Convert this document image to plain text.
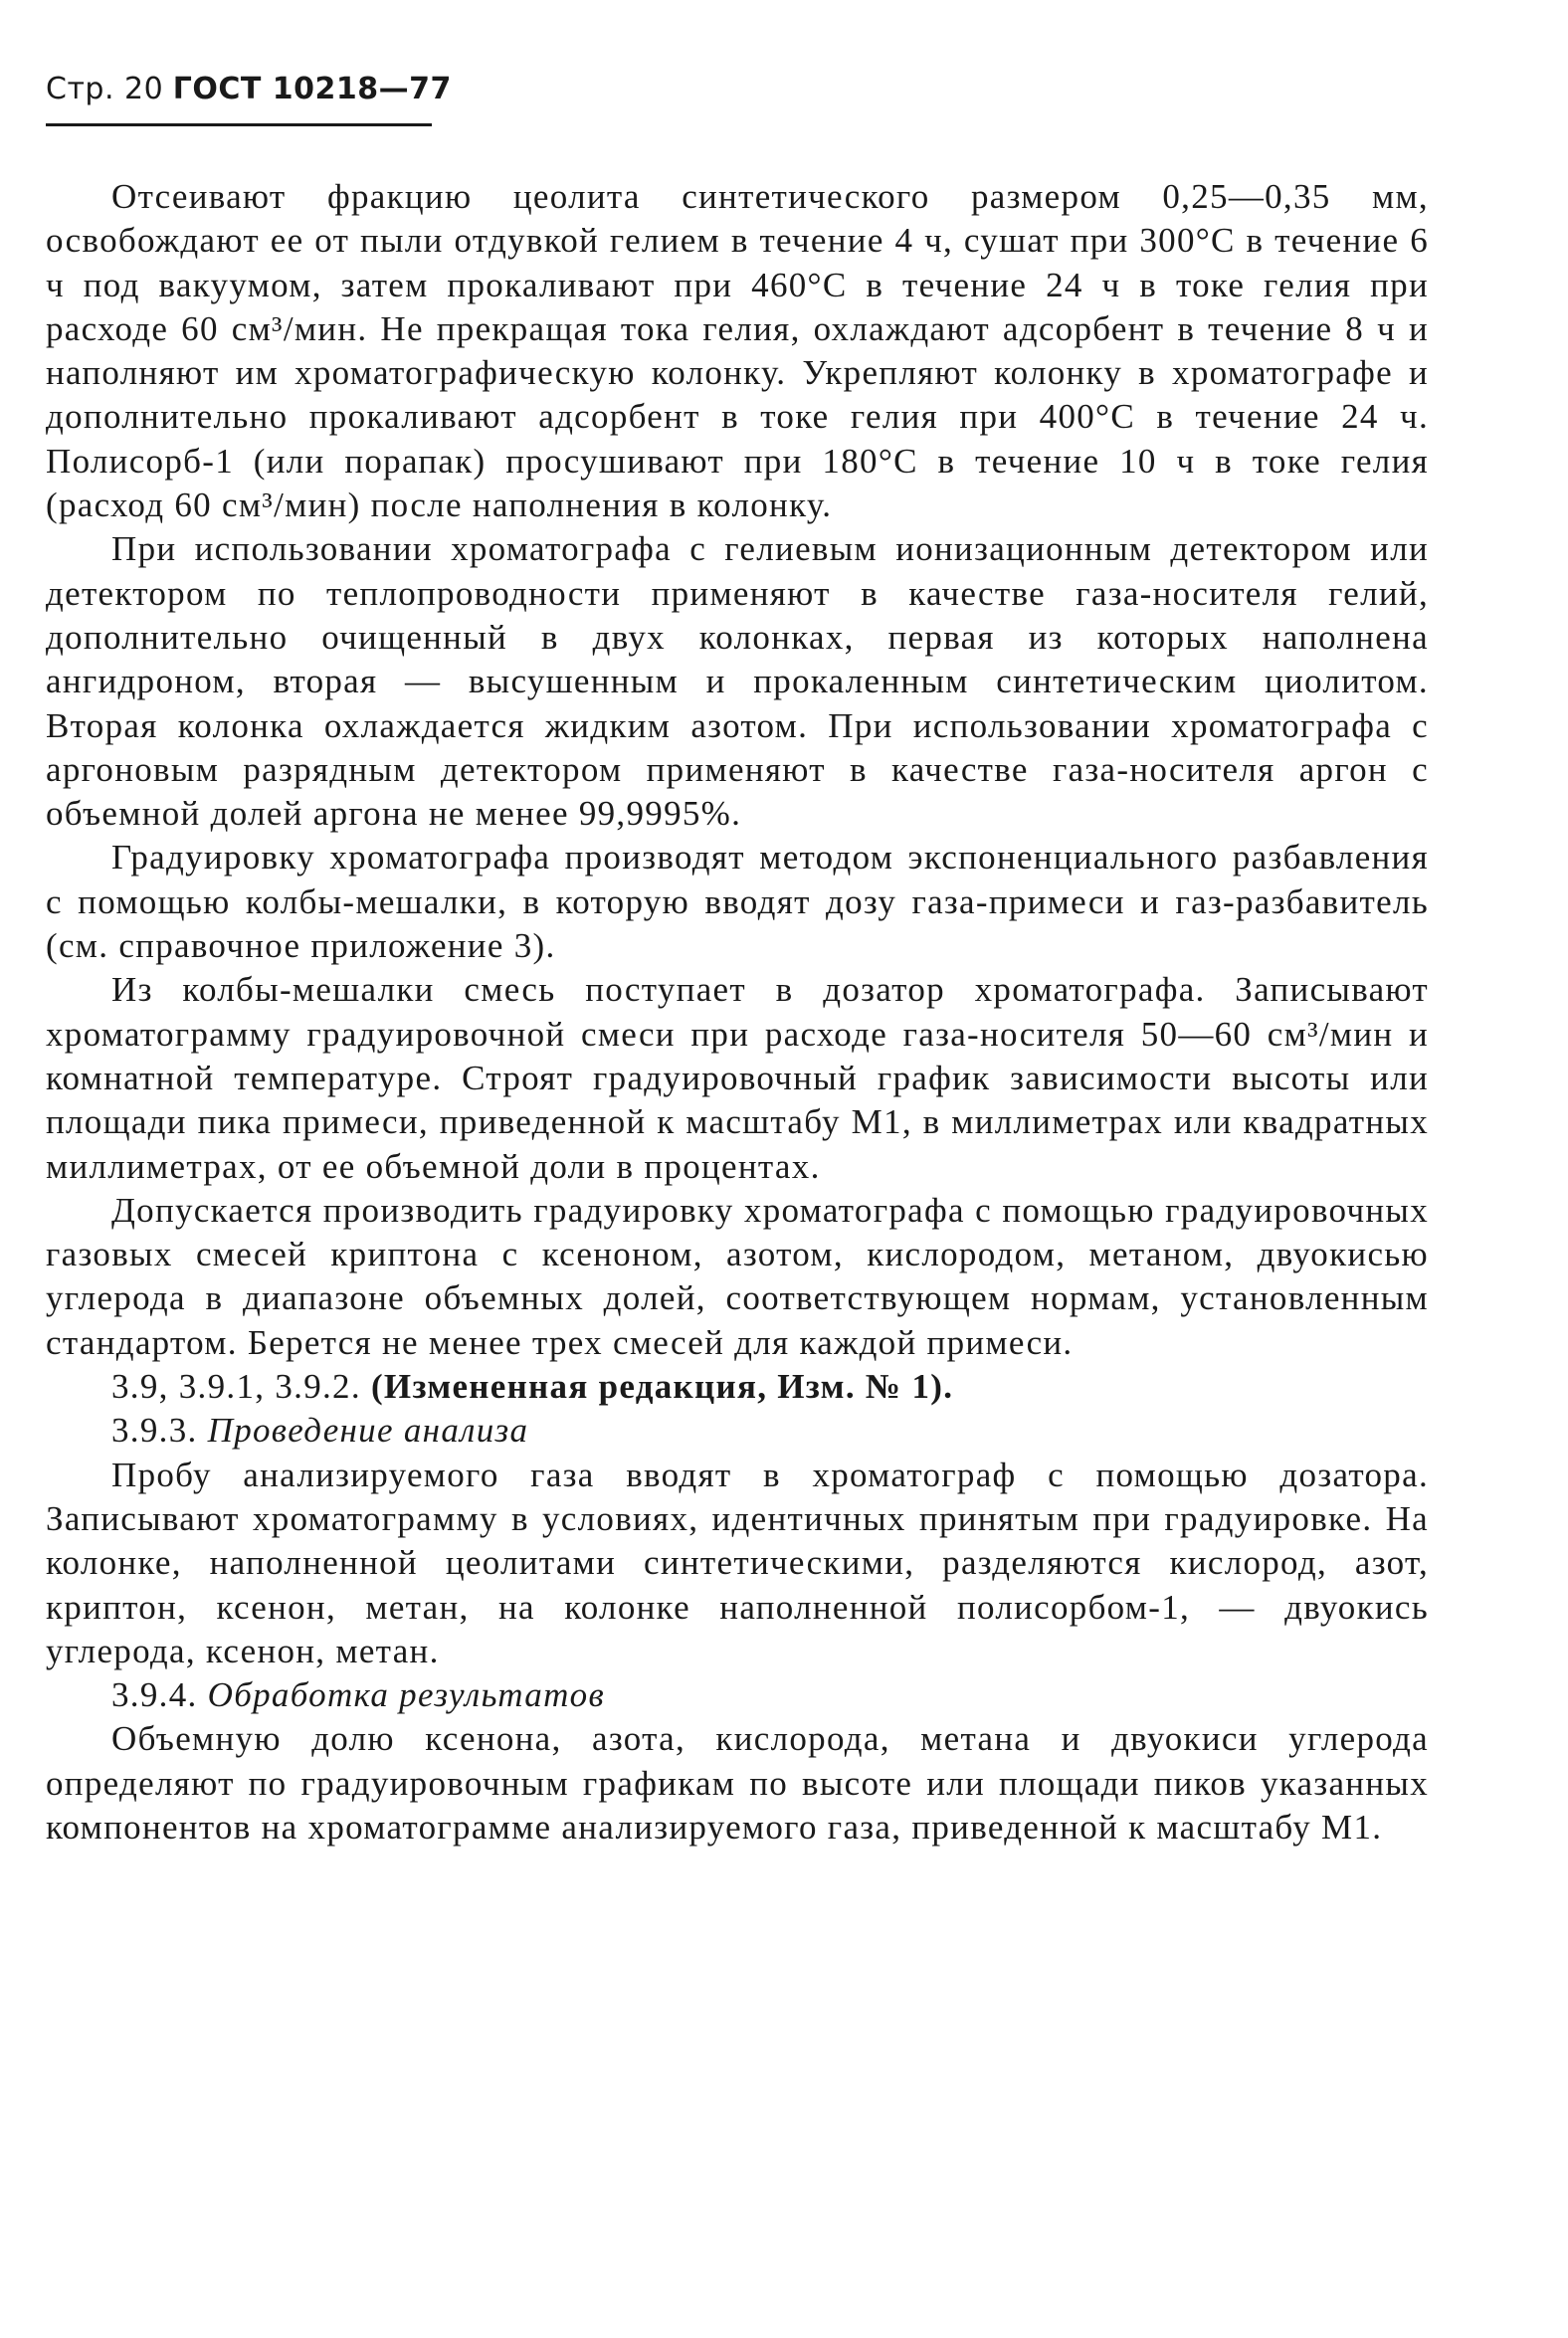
Стр. 20 ГОСТ 10218—77

Отсеивают фракцию цеолита синтетического размером 0,25—0,35 мм, освобождают ее от пыли отдувкой гелием в течение 4 ч, сушат при 300°С в течение 6 ч под вакуумом, затем прокаливают при 460°С в течение 24 ч в токе гелия при расходе 60 см³/мин. Не прекращая тока гелия, охлаждают адсорбент в течение 8 ч и наполняют им хроматографическую колонку. Укрепляют колонку в хроматографе и дополнительно прокаливают адсорбент в токе гелия при 400°С в течение 24 ч. Полисорб-1 (или порапак) просушивают при 180°С в течение 10 ч в токе гелия (расход 60 см³/мин) после наполнения в колонку.

При использовании хроматографа с гелиевым ионизационным детектором или детектором по теплопроводности применяют в качестве газа-носителя гелий, дополнительно очищенный в двух колонках, первая из которых наполнена ангидроном, вторая — высушенным и прокаленным синтетическим циолитом. Вторая колонка охлаждается жидким азотом. При использовании хроматографа с аргоновым разрядным детектором применяют в качестве газа-носителя аргон с объемной долей аргона не менее 99,9995%.

Градуировку хроматографа производят методом экспоненциального разбавления с помощью колбы-мешалки, в которую вводят дозу газа-примеси и газ-разбавитель (см. справочное приложение 3).

Из колбы-мешалки смесь поступает в дозатор хроматографа. Записывают хроматограмму градуировочной смеси при расходе газа-носителя 50—60 см³/мин и комнатной температуре. Строят градуировочный график зависимости высоты или площади пика примеси, приведенной к масштабу М1, в миллиметрах или квадратных миллиметрах, от ее объемной доли в процентах.

Допускается производить градуировку хроматографа с помощью градуировочных газовых смесей криптона с ксеноном, азотом, кислородом, метаном, двуокисью углерода в диапазоне объемных долей, соответствующем нормам, установленным стандартом. Берется не менее трех смесей для каждой примеси.

3.9, 3.9.1, 3.9.2. (Измененная редакция, Изм. № 1).

3.9.3. Проведение анализа

Пробу анализируемого газа вводят в хроматограф с помощью дозатора. Записывают хроматограмму в условиях, идентичных принятым при градуировке. На колонке, наполненной цеолитами синтетическими, разделяются кислород, азот, криптон, ксенон, метан, на колонке наполненной полисорбом-1, — двуокись углерода, ксенон, метан.

3.9.4. Обработка результатов

Объемную долю ксенона, азота, кислорода, метана и двуокиси углерода определяют по градуировочным графикам по высоте или площади пиков указанных компонентов на хроматограмме анализируемого газа, приведенной к масштабу М1.
